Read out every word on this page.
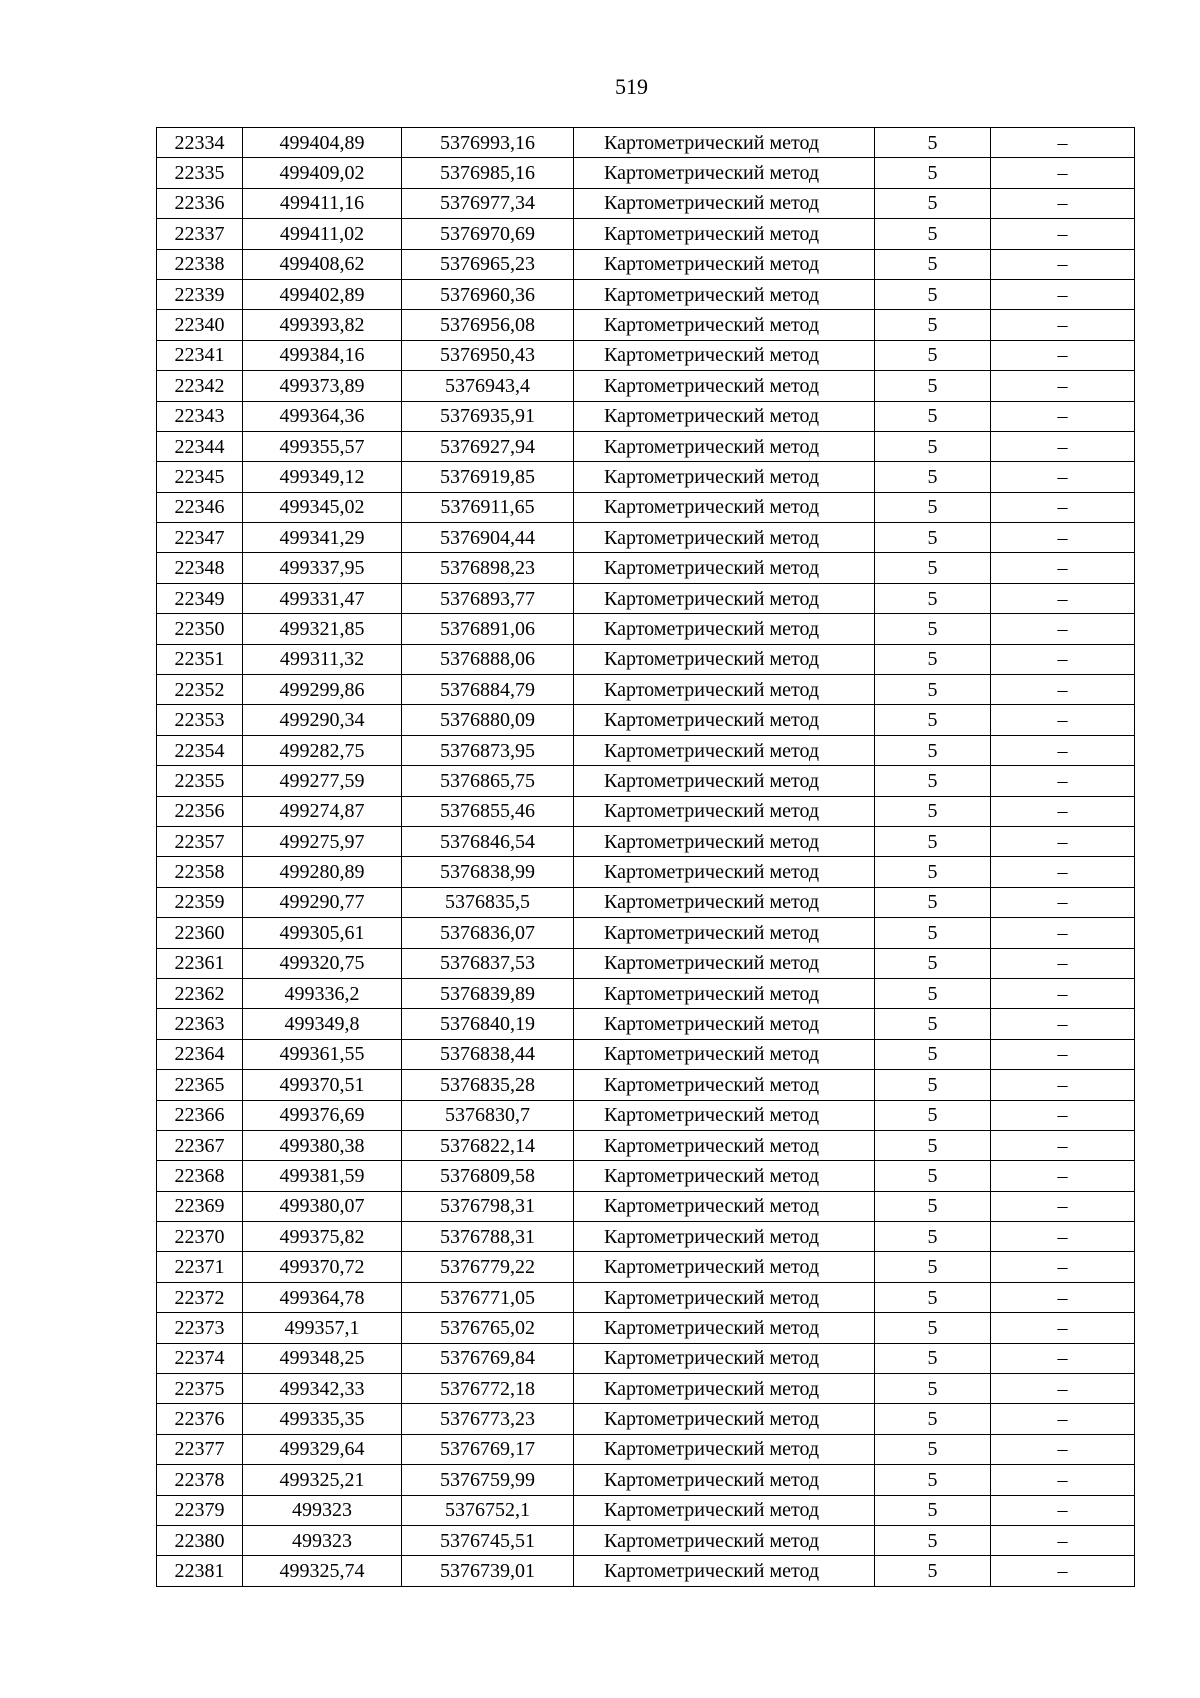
519
22334	499404,89	5376993,16	Картометрический метод	5	–
22335	499409,02	5376985,16	Картометрический метод	5	–
22336	499411,16	5376977,34	Картометрический метод	5	–
22337	499411,02	5376970,69	Картометрический метод	5	–
22338	499408,62	5376965,23	Картометрический метод	5	–
22339	499402,89	5376960,36	Картометрический метод	5	–
22340	499393,82	5376956,08	Картометрический метод	5	–
22341	499384,16	5376950,43	Картометрический метод	5	–
22342	499373,89	5376943,4	Картометрический метод	5	–
22343	499364,36	5376935,91	Картометрический метод	5	–
22344	499355,57	5376927,94	Картометрический метод	5	–
22345	499349,12	5376919,85	Картометрический метод	5	–
22346	499345,02	5376911,65	Картометрический метод	5	–
22347	499341,29	5376904,44	Картометрический метод	5	–
22348	499337,95	5376898,23	Картометрический метод	5	–
22349	499331,47	5376893,77	Картометрический метод	5	–
22350	499321,85	5376891,06	Картометрический метод	5	–
22351	499311,32	5376888,06	Картометрический метод	5	–
22352	499299,86	5376884,79	Картометрический метод	5	–
22353	499290,34	5376880,09	Картометрический метод	5	–
22354	499282,75	5376873,95	Картометрический метод	5	–
22355	499277,59	5376865,75	Картометрический метод	5	–
22356	499274,87	5376855,46	Картометрический метод	5	–
22357	499275,97	5376846,54	Картометрический метод	5	–
22358	499280,89	5376838,99	Картометрический метод	5	–
22359	499290,77	5376835,5	Картометрический метод	5	–
22360	499305,61	5376836,07	Картометрический метод	5	–
22361	499320,75	5376837,53	Картометрический метод	5	–
22362	499336,2	5376839,89	Картометрический метод	5	–
22363	499349,8	5376840,19	Картометрический метод	5	–
22364	499361,55	5376838,44	Картометрический метод	5	–
22365	499370,51	5376835,28	Картометрический метод	5	–
22366	499376,69	5376830,7	Картометрический метод	5	–
22367	499380,38	5376822,14	Картометрический метод	5	–
22368	499381,59	5376809,58	Картометрический метод	5	–
22369	499380,07	5376798,31	Картометрический метод	5	–
22370	499375,82	5376788,31	Картометрический метод	5	–
22371	499370,72	5376779,22	Картометрический метод	5	–
22372	499364,78	5376771,05	Картометрический метод	5	–
22373	499357,1	5376765,02	Картометрический метод	5	–
22374	499348,25	5376769,84	Картометрический метод	5	–
22375	499342,33	5376772,18	Картометрический метод	5	–
22376	499335,35	5376773,23	Картометрический метод	5	–
22377	499329,64	5376769,17	Картометрический метод	5	–
22378	499325,21	5376759,99	Картометрический метод	5	–
22379	499323	5376752,1	Картометрический метод	5	–
22380	499323	5376745,51	Картометрический метод	5	–
22381	499325,74	5376739,01	Картометрический метод	5	–
